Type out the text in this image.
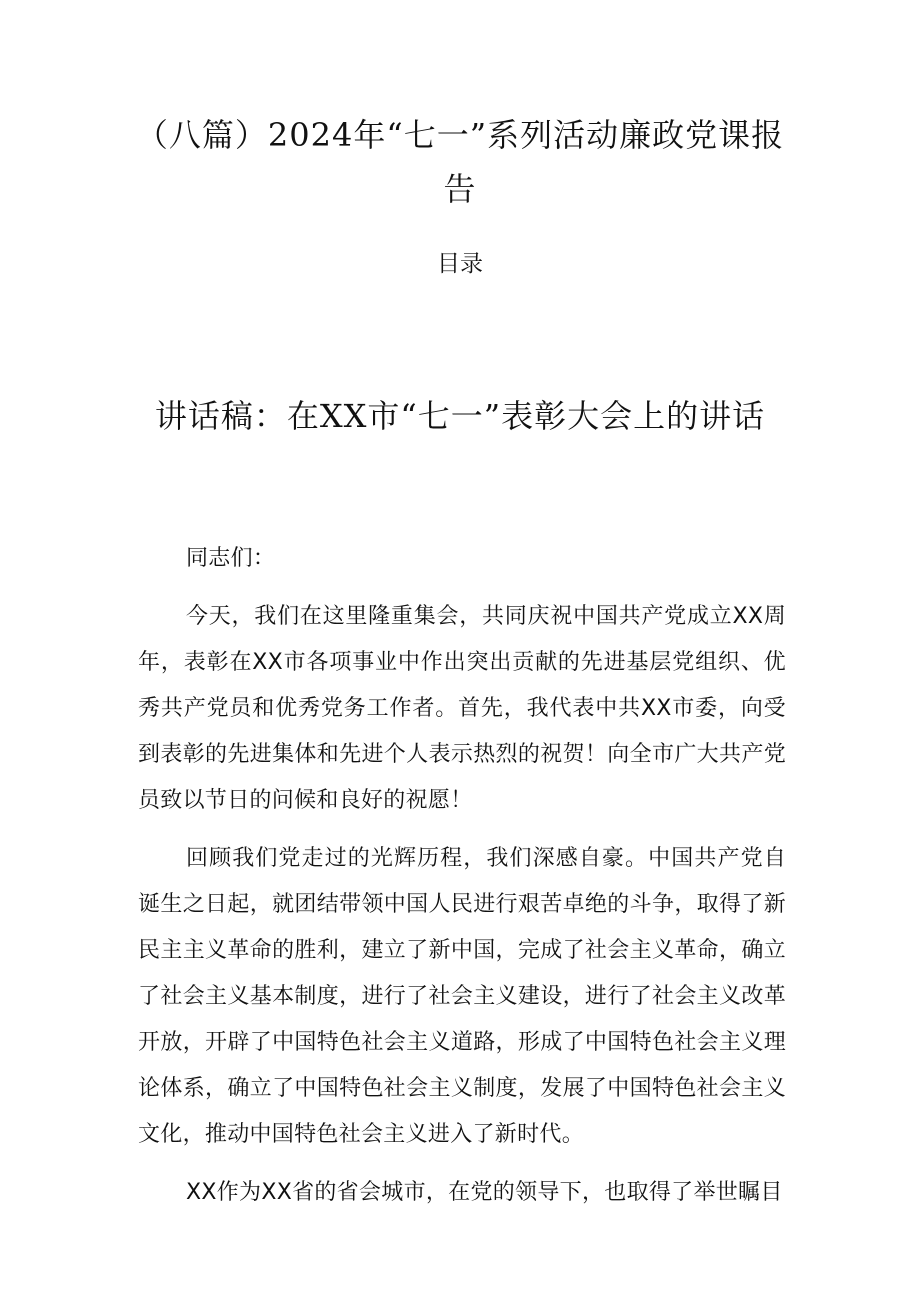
（八篇）2024年“七一”系列活动廉政党课报告
目录
讲话稿：在XX市“七一”表彰大会上的讲话

同志们：

今天，我们在这里隆重集会，共同庆祝中国共产党成立XX周年，表彰在XX市各项事业中作出突出贡献的先进基层党组织、优秀共产党员和优秀党务工作者。首先，我代表中共XX市委，向受到表彰的先进集体和先进个人表示热烈的祝贺！向全市广大共产党员致以节日的问候和良好的祝愿！

回顾我们党走过的光辉历程，我们深感自豪。中国共产党自诞生之日起，就团结带领中国人民进行艰苦卓绝的斗争，取得了新民主主义革命的胜利，建立了新中国，完成了社会主义革命，确立了社会主义基本制度，进行了社会主义建设，进行了社会主义改革开放，开辟了中国特色社会主义道路，形成了中国特色社会主义理论体系，确立了中国特色社会主义制度，发展了中国特色社会主义文化，推动中国特色社会主义进入了新时代。

XX作为XX省的省会城市，在党的领导下，也取得了举世瞩目
